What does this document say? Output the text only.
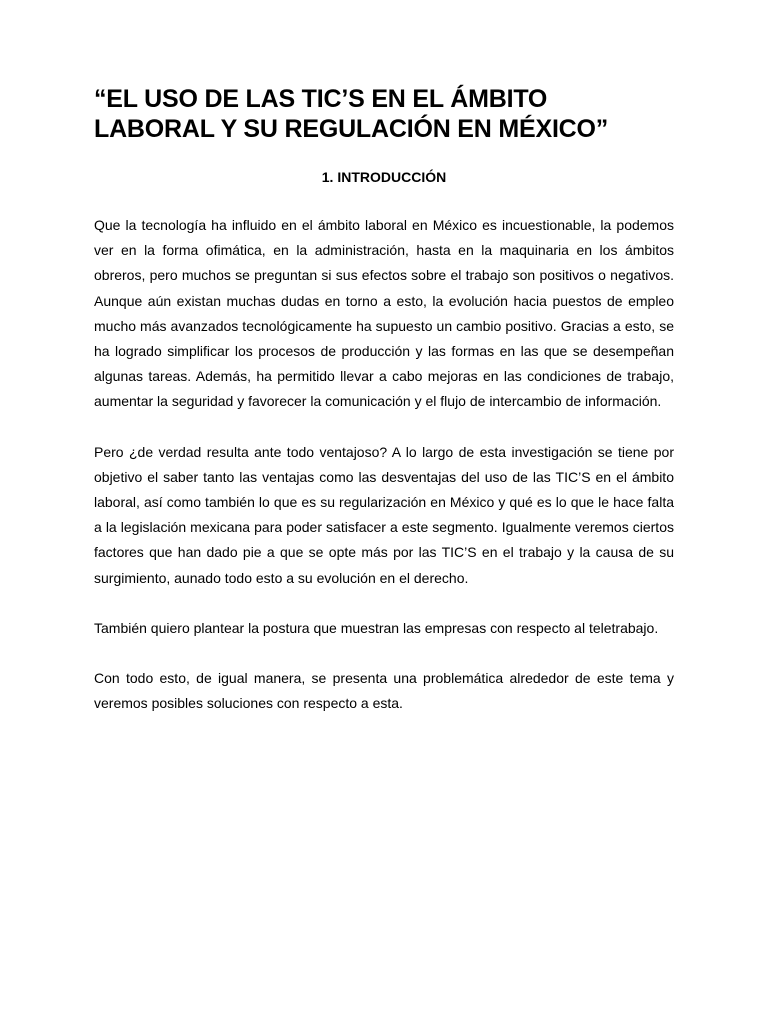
“EL USO DE LAS TIC’S EN EL ÁMBITO
LABORAL Y SU REGULACIÓN EN MÉXICO”
1. INTRODUCCIÓN

Que la tecnología ha influido en el ámbito laboral en México es incuestionable, la podemos ver en la forma ofimática, en la administración, hasta en la maquinaria en los ámbitos obreros, pero muchos se preguntan si sus efectos sobre el trabajo son positivos o negativos. Aunque aún existan muchas dudas en torno a esto, la evolución hacia puestos de empleo mucho más avanzados tecnológicamente ha supuesto un cambio positivo. Gracias a esto, se ha logrado simplificar los procesos de producción y las formas en las que se desempeñan algunas tareas. Además, ha permitido llevar a cabo mejoras en las condiciones de trabajo, aumentar la seguridad y favorecer la comunicación y el flujo de intercambio de información.

Pero ¿de verdad resulta ante todo ventajoso? A lo largo de esta investigación se tiene por objetivo el saber tanto las ventajas como las desventajas del uso de las TIC’S en el ámbito laboral, así como también lo que es su regularización en México y qué es lo que le hace falta a la legislación mexicana para poder satisfacer a este segmento. Igualmente veremos ciertos factores que han dado pie a que se opte más por las TIC’S en el trabajo y la causa de su surgimiento, aunado todo esto a su evolución en el derecho.

También quiero plantear la postura que muestran las empresas con respecto al teletrabajo.

Con todo esto, de igual manera, se presenta una problemática alrededor de este tema y veremos posibles soluciones con respecto a esta.
